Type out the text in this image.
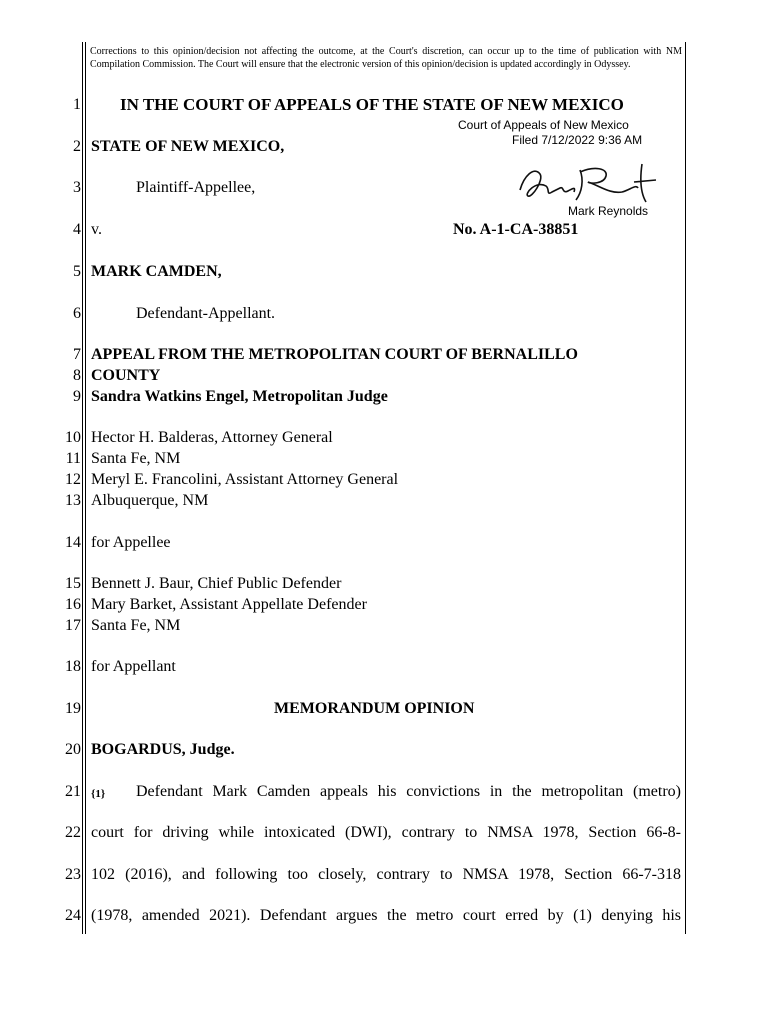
Corrections to this opinion/decision not affecting the outcome, at the Court's discretion, can occur up to the time of publication with NM Compilation Commission. The Court will ensure that the electronic version of this opinion/decision is updated accordingly in Odyssey.
1
2
3
4
5
6
7
8
9
10
11
12
13
14
15
16
17
18
19
20
21
22
23
24
IN THE COURT OF APPEALS OF THE STATE OF NEW MEXICO
Court of Appeals of New Mexico
Filed 7/12/2022 9:36 AM
STATE OF NEW MEXICO,
Plaintiff-Appellee,
Mark Reynolds
v.	No. A-1-CA-38851
MARK CAMDEN,
Defendant-Appellant.
APPEAL FROM THE METROPOLITAN COURT OF BERNALILLO
COUNTY
Sandra Watkins Engel, Metropolitan Judge
Hector H. Balderas, Attorney General
Santa Fe, NM
Meryl E. Francolini, Assistant Attorney General
Albuquerque, NM
for Appellee
Bennett J. Baur, Chief Public Defender
Mary Barket, Assistant Appellate Defender
Santa Fe, NM
for Appellant
MEMORANDUM OPINION
BOGARDUS, Judge.
{1} Defendant Mark Camden appeals his convictions in the metropolitan (metro)
court for driving while intoxicated (DWI), contrary to NMSA 1978, Section 66-8-
102 (2016), and following too closely, contrary to NMSA 1978, Section 66-7-318
(1978, amended 2021). Defendant argues the metro court erred by (1) denying his
